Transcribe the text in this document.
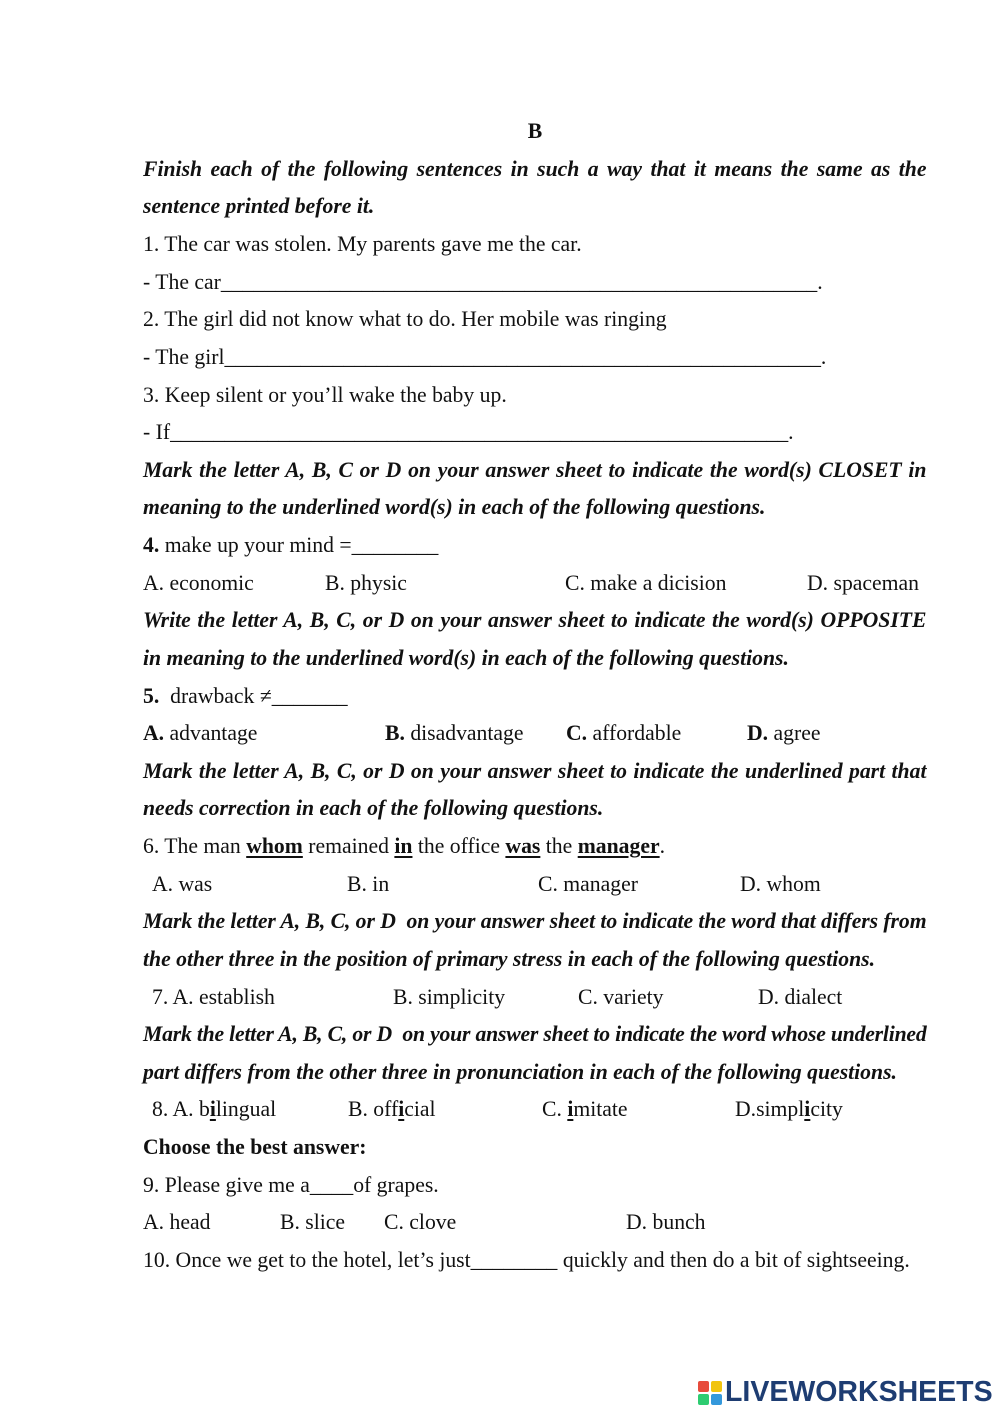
B
Finish each of the following sentences in such a way that it means the same as the
sentence printed before it.
1. The car was stolen. My parents gave me the car.
- The car_______________________________________________________.
2. The girl did not know what to do. Her mobile was ringing
- The girl_______________________________________________________.
3. Keep silent or you’ll wake the baby up.
- If_________________________________________________________.
Mark the letter A, B, C or D on your answer sheet to indicate the word(s) CLOSET in
meaning to the underlined word(s) in each of the following questions.
4. make up your mind =________
A. economic	B. physic	C. make a dicision	D. spaceman
Write the letter A, B, C, or D on your answer sheet to indicate the word(s) OPPOSITE
in meaning to the underlined word(s) in each of the following questions.
5.  drawback ≠_______
A. advantage	B. disadvantage C. affordable	D. agree
Mark the letter A, B, C, or D on your answer sheet to indicate the underlined part that
needs correction in each of the following questions.
6. The man whom remained in the office was the manager.
A. was	B. in	C. manager	D. whom
Mark the letter A, B, C, or D  on your answer sheet to indicate the word that differs from
the other three in the position of primary stress in each of the following questions.
7. A. establish	B. simplicity	C. variety	D. dialect
Mark the letter A, B, C, or D  on your answer sheet to indicate the word whose underlined
part differs from the other three in pronunciation in each of the following questions.
8. A. bilingual	B. official	C. imitate	D.simplicity
Choose the best answer:
9. Please give me a____of grapes.
A. head	B. slice C. clove	D. bunch
10. Once we get to the hotel, let’s just________ quickly and then do a bit of sightseeing.
LIVEWORKSHEETS
